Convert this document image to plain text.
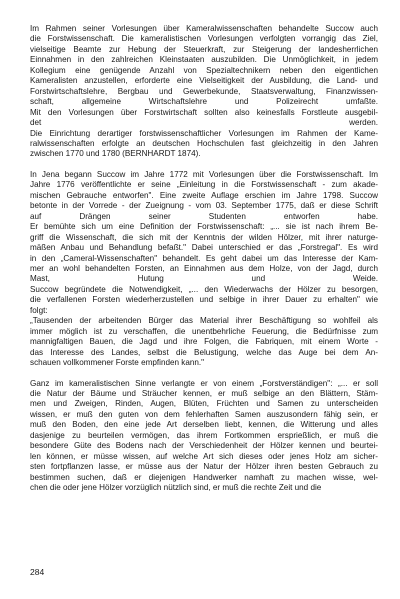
Im Rahmen seiner Vorlesungen über Kameralwissenschaften behandelte Succow auch
die Forstwissenschaft. Die kameralistischen Vorlesungen verfolgten vorrangig das Ziel,
vielseitige Beamte zur Hebung der Steuerkraft, zur Steigerung der landesherrlichen
Einnahmen in den zahlreichen Kleinstaaten auszubilden. Die Unmöglichkeit, in jedem
Kollegium eine genügende Anzahl von Spezialtechnikern neben den eigentlichen
Kameralisten anzustellen, erforderte eine Vielseitigkeit der Ausbildung, die Land- und
Forstwirtschaftslehre, Bergbau und Gewerbekunde, Staatsverwaltung, Finanzwissen-
schaft, allgemeine Wirtschaftslehre und Polizeirecht umfaßte.
Mit den Vorlesungen über Forstwirtschaft sollten also keinesfalls Forstleute ausgebil-
det werden.
Die Einrichtung derartiger forstwissenschaftlicher Vorlesungen im Rahmen der Kame-
ralwissenschaften erfolgte an deutschen Hochschulen fast gleichzeitig in den Jahren
zwischen 1770 und 1780 (BERNHARDT 1874).
In Jena begann Succow im Jahre 1772 mit Vorlesungen über die Forstwissenschaft. Im
Jahre 1776 veröffentlichte er seine „Einleitung in die Forstwissenschaft - zum akade-
mischen Gebrauche entworfen". Eine zweite Auflage erschien im Jahre 1798. Succow
betonte in der Vorrede - der Zueignung - vom 03. September 1775, daß er diese Schrift
auf Drängen seiner Studenten entworfen habe.
Er bemühte sich um eine Definition der Forstwissenschaft: „... sie ist nach ihrem Be-
griff die Wissenschaft, die sich mit der Kenntnis der wilden Hölzer, mit ihrer naturge-
mäßen Anbau und Behandlung befaßt." Dabei unterschied er das „Forstregal". Es wird
in den „Cameral-Wissenschaften" behandelt. Es geht dabei um das Interesse der Kam-
mer an wohl behandelten Forsten, an Einnahmen aus dem Holze, von der Jagd, durch
Mast, Hutung und Weide.
Succow begründete die Notwendigkeit, „... den Wiederwachs der Hölzer zu besorgen,
die verfallenen Forsten wiederherzustellen und selbige in ihrer Dauer zu erhalten" wie
folgt:
„Tausenden der arbeitenden Bürger das Material ihrer Beschäftigung so wohlfeil als
immer möglich ist zu verschaffen, die unentbehrliche Feuerung, die Bedürfnisse zum
mannigfaltigen Bauen, die Jagd und ihre Folgen, die Fabriquen, mit einem Worte -
das Interesse des Landes, selbst die Belustigung, welche das Auge bei dem An-
schauen vollkommener Forste empfinden kann."
Ganz im kameralistischen Sinne verlangte er von einem „Forstverständigen": „... er soll
die Natur der Bäume und Sträucher kennen, er muß selbige an den Blättern, Stäm-
men und Zweigen, Rinden, Augen, Blüten, Früchten und Samen zu unterscheiden
wissen, er muß den guten von dem fehlerhaften Samen auszusondern fähig sein, er
muß den Boden, den eine jede Art derselben liebt, kennen, die Witterung und alles
dasjenige zu beurteilen vermögen, das ihrem Fortkommen ersprießlich, er muß die
besondere Güte des Bodens nach der Verschiedenheit der Hölzer kennen und beurtei-
len können, er müsse wissen, auf welche Art sich dieses oder jenes Holz am sicher-
sten fortpflanzen lasse, er müsse aus der Natur der Hölzer ihren besten Gebrauch zu
bestimmen suchen, daß er diejenigen Handwerker namhaft zu machen wisse, wel-
chen die oder jene Hölzer vorzüglich nützlich sind, er muß die rechte Zeit und die

284
